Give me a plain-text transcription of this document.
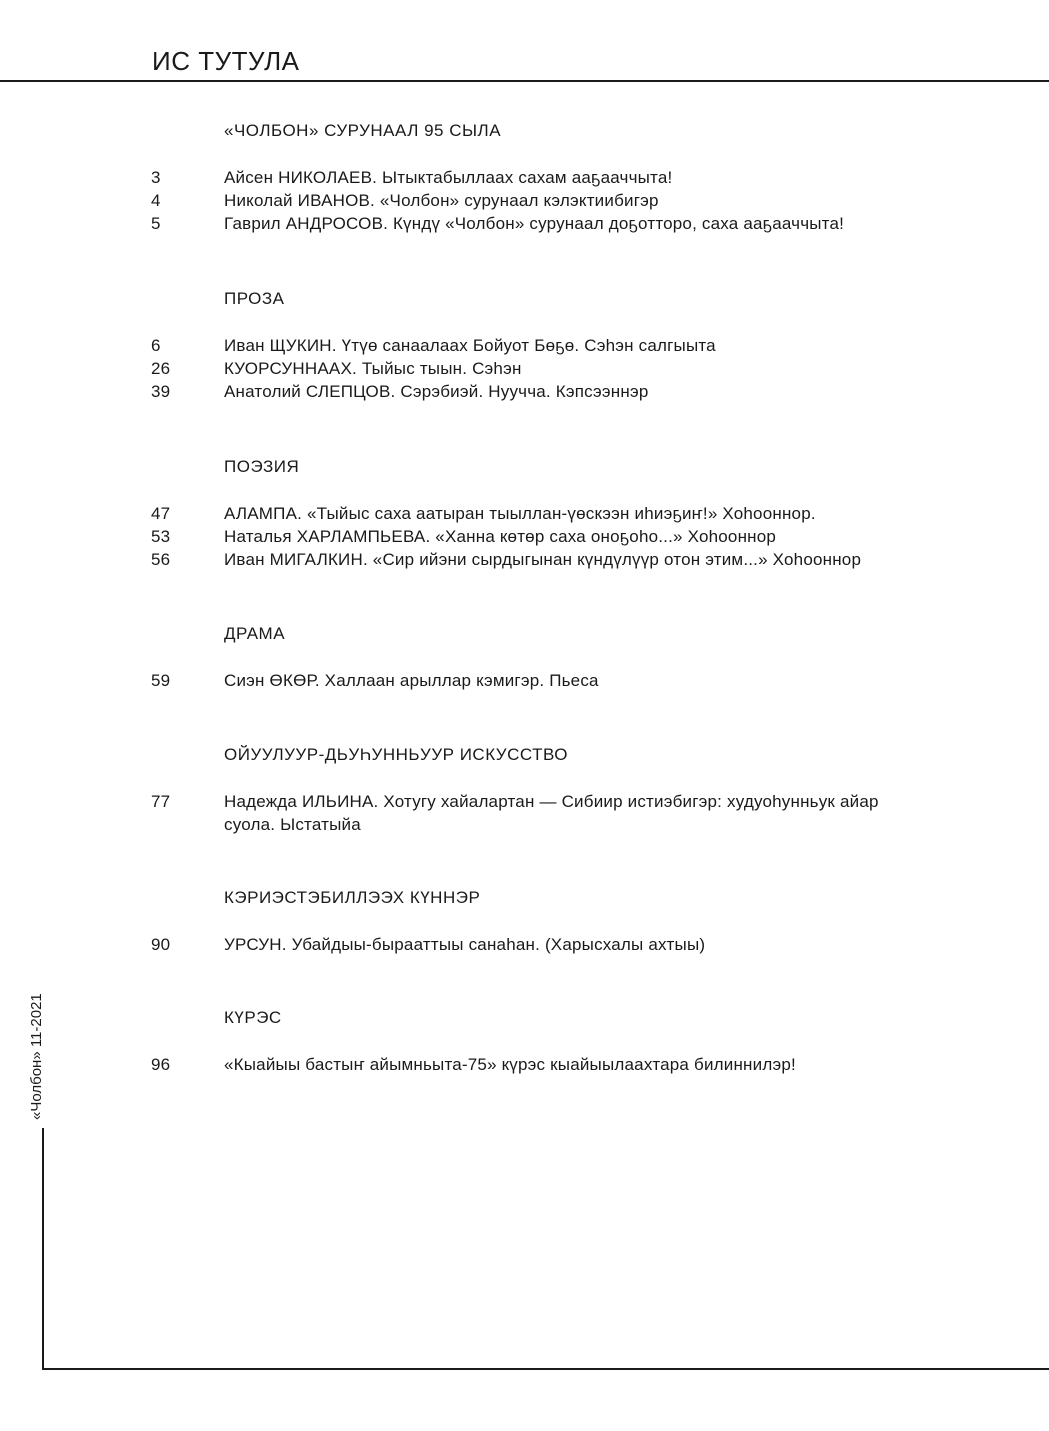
ИС ТУТУЛА
«ЧОЛБОН» СУРУНААЛ 95 СЫЛА
3	Айсен НИКОЛАЕВ. Ытыктабыллаах сахам ааҕааччыта!
4	Николай ИВАНОВ. «Чолбон» сурунаал кэлэктиибигэр
5	Гаврил АНДРОСОВ. Күндү «Чолбон» сурунаал доҕотторо, саха ааҕааччыта!
ПРОЗА
6	Иван ЩУКИН. Үтүө санаалаах Бойуот Бөҕө. Сэһэн салгыыта
26	КУОРСУННААХ. Тыйыс тыын. Сэһэн
39	Анатолий СЛЕПЦОВ. Сэрэбиэй. Нуучча. Кэпсээннэр
ПОЭЗИЯ
47	АЛАМПА. «Тыйыс саха аатыран тыыллан-үөскээн иһиэҕиҥ!» Хоһооннор.
53	Наталья ХАРЛАМПЬЕВА. «Ханна көтөр саха оноҕоһо...» Хоһооннор
56	Иван МИГАЛКИН. «Сир ийэни сырдыгынан күндүлүүр отон этим...» Хоһооннор
ДРАМА
59	Сиэн ӨКӨР. Халлаан арыллар кэмигэр. Пьеса
ОЙУУЛУУР-ДЬУҺУННЬУУР ИСКУССТВО
77	Надежда ИЛЬИНА. Хотугу хайалартан — Сибиир истиэбигэр: худуоһунньук айар суола. Ыстатыйа
КЭРИЭСТЭБИЛЛЭЭХ КҮННЭР
90	УРСУН. Убайдыы-бырааттыы санаһан. (Харысхалы ахтыы)
КҮРЭС
96	«Кыайыы бастыҥ айымньыта-75» күрэс кыайыылаахтара билиннилэр!
«Чолбон» 11-2021
